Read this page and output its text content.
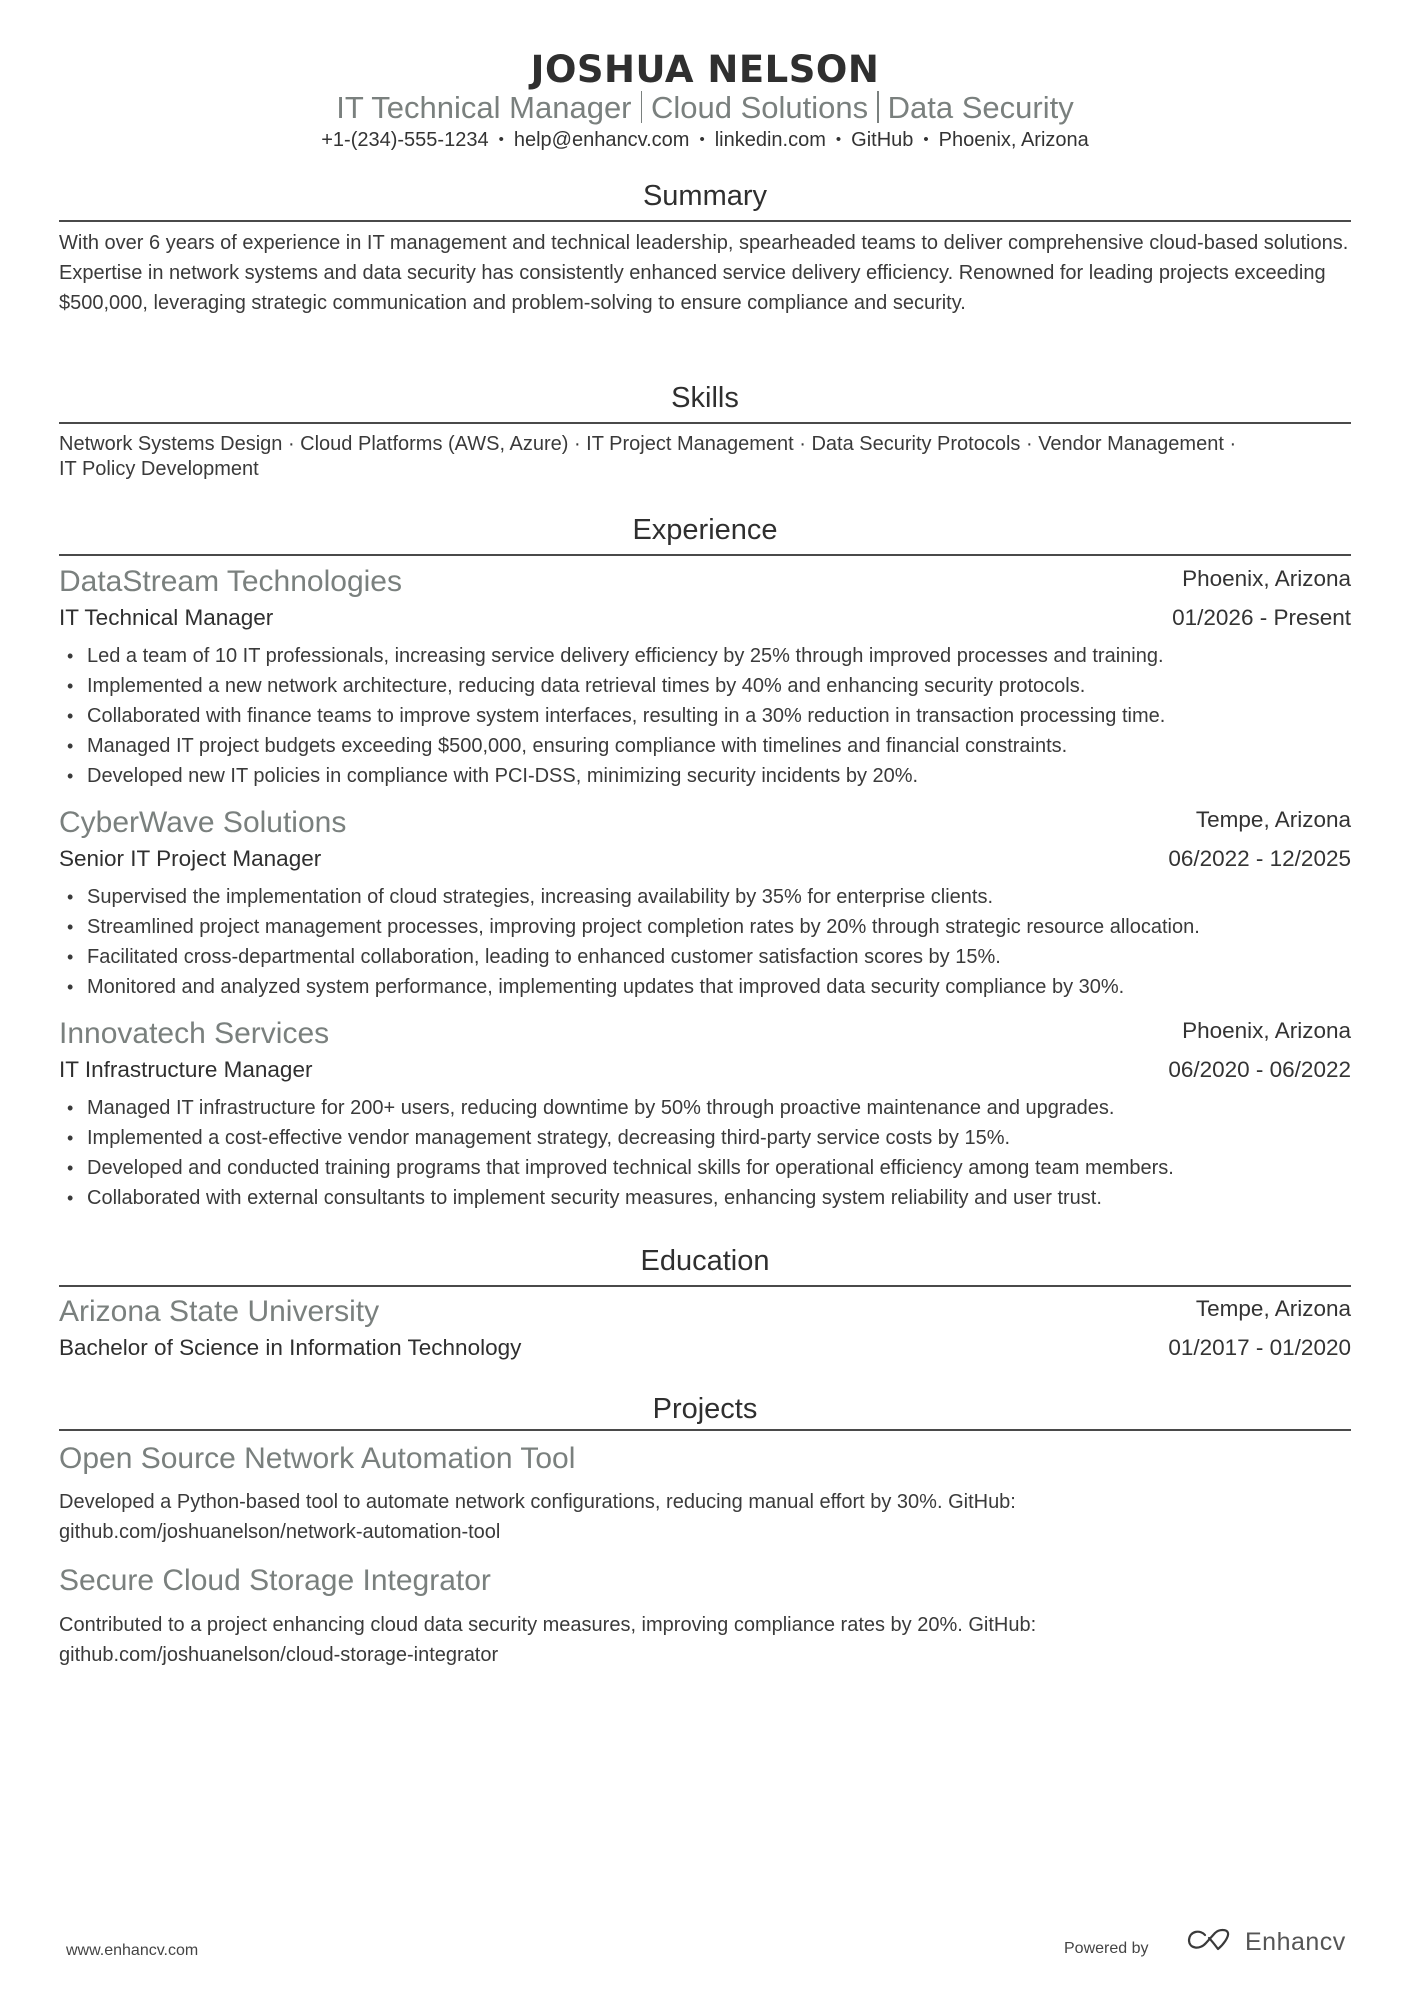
JOSHUA NELSON
IT Technical Manager Cloud Solutions Data Security
+1-(234)-555-1234 • help@enhancv.com • linkedin.com • GitHub • Phoenix, Arizona
Summary
With over 6 years of experience in IT management and technical leadership, spearheaded teams to deliver comprehensive cloud-based solutions. Expertise in network systems and data security has consistently enhanced service delivery efficiency. Renowned for leading projects exceeding $500,000, leveraging strategic communication and problem-solving to ensure compliance and security.
Skills
Network Systems Design · Cloud Platforms (AWS, Azure) · IT Project Management · Data Security Protocols · Vendor Management ·
IT Policy Development
Experience
DataStream Technologies	Phoenix, Arizona
IT Technical Manager	01/2026 - Present
• Led a team of 10 IT professionals, increasing service delivery efficiency by 25% through improved processes and training.
• Implemented a new network architecture, reducing data retrieval times by 40% and enhancing security protocols.
• Collaborated with finance teams to improve system interfaces, resulting in a 30% reduction in transaction processing time.
• Managed IT project budgets exceeding $500,000, ensuring compliance with timelines and financial constraints.
• Developed new IT policies in compliance with PCI-DSS, minimizing security incidents by 20%.
CyberWave Solutions	Tempe, Arizona
Senior IT Project Manager	06/2022 - 12/2025
• Supervised the implementation of cloud strategies, increasing availability by 35% for enterprise clients.
• Streamlined project management processes, improving project completion rates by 20% through strategic resource allocation.
• Facilitated cross-departmental collaboration, leading to enhanced customer satisfaction scores by 15%.
• Monitored and analyzed system performance, implementing updates that improved data security compliance by 30%.
Innovatech Services	Phoenix, Arizona
IT Infrastructure Manager	06/2020 - 06/2022
• Managed IT infrastructure for 200+ users, reducing downtime by 50% through proactive maintenance and upgrades.
• Implemented a cost-effective vendor management strategy, decreasing third-party service costs by 15%.
• Developed and conducted training programs that improved technical skills for operational efficiency among team members.
• Collaborated with external consultants to implement security measures, enhancing system reliability and user trust.
Education
Arizona State University	Tempe, Arizona
Bachelor of Science in Information Technology	01/2017 - 01/2020
Projects
Open Source Network Automation Tool
Developed a Python-based tool to automate network configurations, reducing manual effort by 30%. GitHub:
github.com/joshuanelson/network-automation-tool
Secure Cloud Storage Integrator
Contributed to a project enhancing cloud data security measures, improving compliance rates by 20%. GitHub:
github.com/joshuanelson/cloud-storage-integrator
www.enhancv.com	Powered by	Enhancv
